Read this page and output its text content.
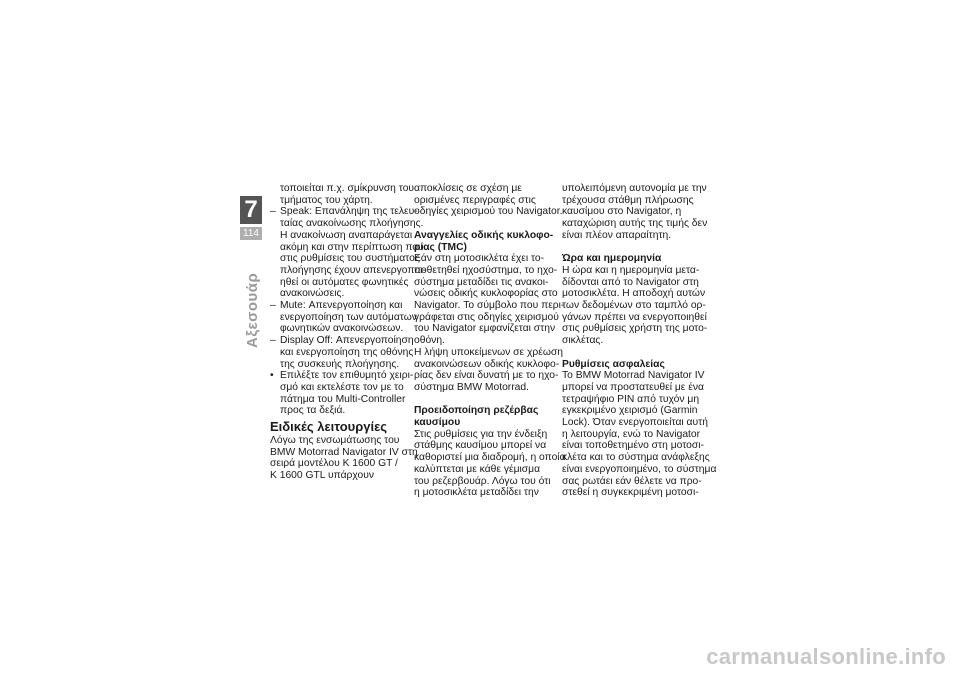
7
114
Αξεσουάρ
τοποιείται π.χ. σμίκρυνση του
τμήματος του χάρτη.
– Speak: Επανάληψη της τελευ-
ταίας ανακοίνωσης πλοήγησης.
Η ανακοίνωση αναπαράγεται
ακόμη και στην περίπτωση που
στις ρυθμίσεις του συστήματος
πλοήγησης έχουν απενεργοποι-
ηθεί οι αυτόματες φωνητικές
ανακοινώσεις.
– Mute: Απενεργοποίηση και
ενεργοποίηση των αυτόματων
φωνητικών ανακοινώσεων.
– Display Off: Απενεργοποίηση
και ενεργοποίηση της οθόνης
της συσκευής πλοήγησης.
• Επιλέξτε τον επιθυμητό χειρι-
σμό και εκτελέστε τον με το
πάτημα του Multi-Controller
προς τα δεξιά.
Ειδικές λειτουργίες
Λόγω της ενσωμάτωσης του
BMW Motorrad Navigator IV στη
σειρά μοντέλου K 1600 GT /
K 1600 GTL υπάρχουν
αποκλίσεις σε σχέση με
ορισμένες περιγραφές στις
οδηγίες χειρισμού του Navigator.
Αναγγελίες οδικής κυκλοφο-
ρίας (TMC)
Εάν στη μοτοσικλέτα έχει το-
ποθετηθεί ηχοσύστημα, το ηχο-
σύστημα μεταδίδει τις ανακοι-
νώσεις οδικής κυκλοφορίας στο
Navigator. Το σύμβολο που περι-
γράφεται στις οδηγίες χειρισμού
του Navigator εμφανίζεται στην
οθόνη.
Η λήψη υποκείμενων σε χρέωση
ανακοινώσεων οδικής κυκλοφο-
ρίας δεν είναι δυνατή με το ηχο-
σύστημα BMW Motorrad.
Προειδοποίηση ρεζέρβας
καυσίμου
Στις ρυθμίσεις για την ένδειξη
στάθμης καυσίμου μπορεί να
καθοριστεί μια διαδρομή, η οποία
καλύπτεται με κάθε γέμισμα
του ρεζερβουάρ. Λόγω του ότι
η μοτοσικλέτα μεταδίδει την
υπολειπόμενη αυτονομία με την
τρέχουσα στάθμη πλήρωσης
καυσίμου στο Navigator, η
καταχώριση αυτής της τιμής δεν
είναι πλέον απαραίτητη.
Ώρα και ημερομηνία
Η ώρα και η ημερομηνία μετα-
δίδονται από το Navigator στη
μοτοσικλέτα. Η αποδοχή αυτών
των δεδομένων στο ταμπλό ορ-
γάνων πρέπει να ενεργοποιηθεί
στις ρυθμίσεις χρήστη της μοτο-
σικλέτας.
Ρυθμίσεις ασφαλείας
Το BMW Motorrad Navigator IV
μπορεί να προστατευθεί με ένα
τετραψήφιο PIN από τυχόν μη
εγκεκριμένο χειρισμό (Garmin
Lock). Όταν ενεργοποιείται αυτή
η λειτουργία, ενώ το Navigator
είναι τοποθετημένο στη μοτοσι-
κλέτα και το σύστημα ανάφλεξης
είναι ενεργοποιημένο, το σύστημα
σας ρωτάει εάν θέλετε να προ-
στεθεί η συγκεκριμένη μοτοσι-
carmanualsonline.info
